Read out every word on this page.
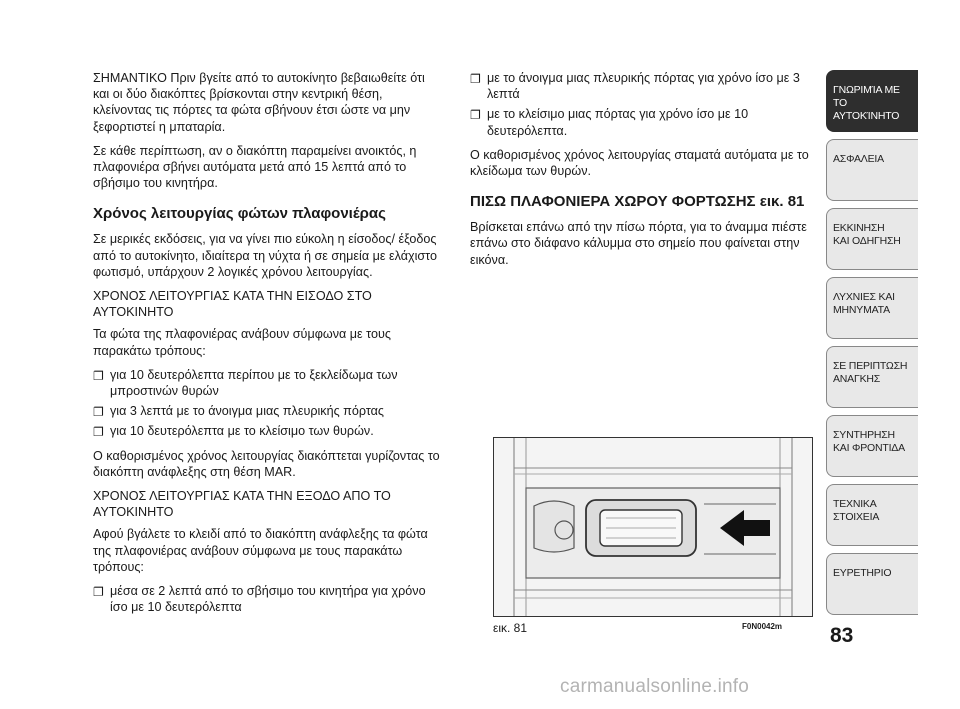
ΣΗΜΑΝΤΙΚΟ Πριν βγείτε από το αυτοκίνητο βεβαιωθείτε ότι και οι δύο διακόπτες βρίσκονται στην κεντρική θέση, κλείνοντας τις πόρτες τα φώτα σβήνουν έτσι ώστε να μην ξεφορτιστεί η μπαταρία.

Σε κάθε περίπτωση, αν ο διακόπτη παραμείνει ανοικτός, η πλαφονιέρα σβήνει αυτόματα μετά από 15 λεπτά από το σβήσιμο του κινητήρα.

Χρόνος λειτουργίας φώτων πλαφονιέρας

Σε μερικές εκδόσεις, για να γίνει πιο εύκολη η είσοδος/ έξοδος από το αυτοκίνητο, ιδιαίτερα τη νύχτα ή σε σημεία με ελάχιστο φωτισμό, υπάρχουν 2 λογικές χρόνου λειτουργίας.

ΧΡΟΝΟΣ ΛΕΙΤΟΥΡΓΙΑΣ ΚΑΤΑ ΤΗΝ ΕΙΣΟΔΟ ΣΤΟ ΑΥΤΟΚΙΝΗΤΟ

Τα φώτα της πλαφονιέρας ανάβουν σύμφωνα με τους παρακάτω τρόπους:

❐ για 10 δευτερόλεπτα περίπου με το ξεκλείδωμα των μπροστινών θυρών
❐ για 3 λεπτά με το άνοιγμα μιας πλευρικής πόρτας
❐ για 10 δευτερόλεπτα με το κλείσιμο των θυρών.

Ο καθορισμένος χρόνος λειτουργίας διακόπτεται γυρίζοντας το διακόπτη ανάφλεξης στη θέση MAR.

ΧΡΟΝΟΣ ΛΕΙΤΟΥΡΓΙΑΣ ΚΑΤΑ ΤΗΝ ΕΞΟΔΟ ΑΠΟ ΤΟ ΑΥΤΟΚΙΝΗΤΟ

Αφού βγάλετε το κλειδί από το διακόπτη ανάφλεξης τα φώτα της πλαφονιέρας ανάβουν σύμφωνα με τους παρακάτω τρόπους:

❐ μέσα σε 2 λεπτά από το σβήσιμο του κινητήρα για χρόνο ίσο με 10 δευτερόλεπτα
❐ με το άνοιγμα μιας πλευρικής πόρτας για χρόνο ίσο με 3 λεπτά
❐ με το κλείσιμο μιας πόρτας για χρόνο ίσο με 10 δευτερόλεπτα.

Ο καθορισμένος χρόνος λειτουργίας σταματά αυτόματα με το κλείδωμα των θυρών.

ΠΙΣΩ ΠΛΑΦΟΝΙΕΡΑ ΧΩΡΟΥ ΦΟΡΤΩΣΗΣ εικ. 81

Βρίσκεται επάνω από την πίσω πόρτα, για το άναμμα πιέστε επάνω στο διάφανο κάλυμμα στο σημείο που φαίνεται στην εικόνα.

εικ. 81	F0N0042m 83
ΓΝΩΡΙΜΊΑ ΜΕ
ΤΟ ΑΥΤΟΚΊΝΗΤΟ
ΑΣΦΑΛΕΙΑ
ΕΚΚΙΝΗΣΗ
ΚΑΙ ΟΔΗΓΗΣΗ
ΛΥΧΝΙΕΣ ΚΑΙ
ΜΗΝΥΜΑΤΑ
ΣΕ ΠΕΡΙΠΤΩΣΗ
ΑΝΑΓΚΗΣ
ΣΥΝΤΗΡΗΣΗ
ΚΑΙ ΦΡΟΝΤΙΔΑ
ΤΕΧΝΙΚΑ
ΣΤΟΙΧΕΙΑ
ΕΥΡΕΤΗΡΙΟ
carmanualsonline.info
